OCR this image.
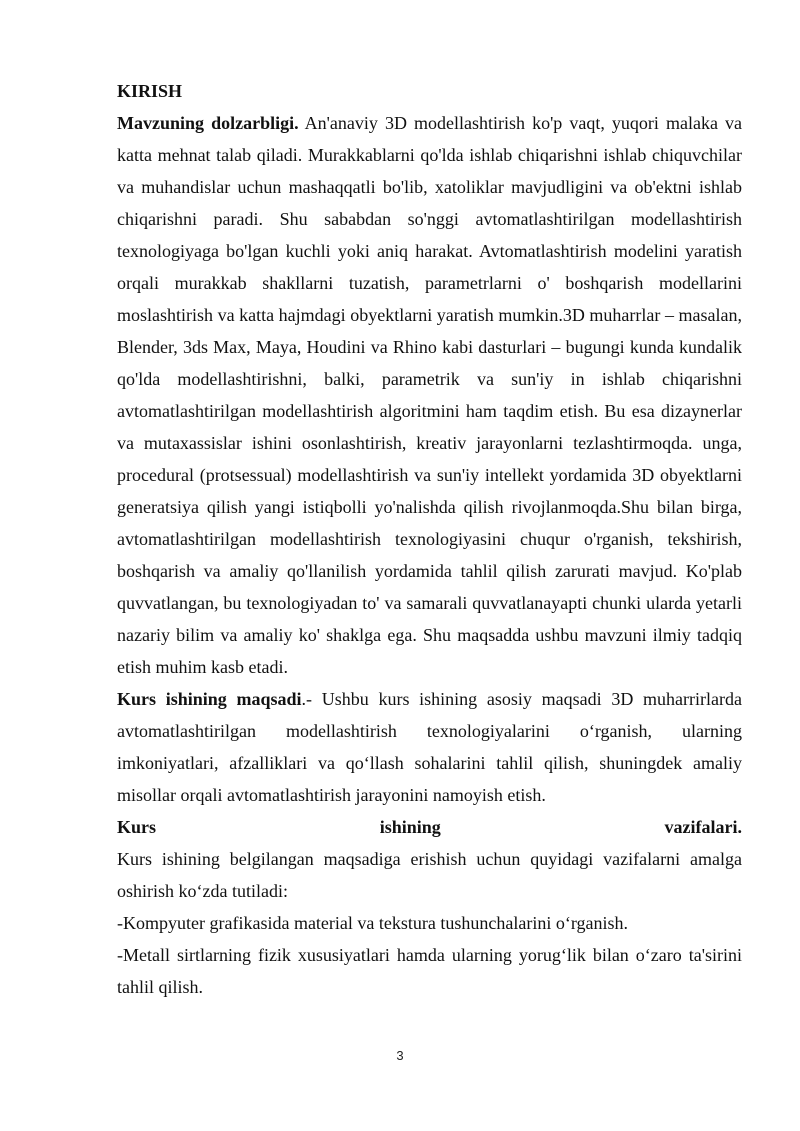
KIRISH

Mavzuning dolzarbligi. An'anaviy 3D modellashtirish ko'p vaqt, yuqori malaka va katta mehnat talab qiladi. Murakkablarni qo'lda ishlab chiqarishni ishlab chiquvchilar va muhandislar uchun mashaqqatli bo'lib, xatoliklar mavjudligini va ob'ektni ishlab chiqarishni paradi. Shu sababdan so'nggi avtomatlashtirilgan modellashtirish texnologiyaga bo'lgan kuchli yoki aniq harakat. Avtomatlashtirish modelini yaratish orqali murakkab shakllarni tuzatish, parametrlarni o' boshqarish modellarini moslashtirish va katta hajmdagi obyektlarni yaratish mumkin.3D muharrlar – masalan, Blender, 3ds Max, Maya, Houdini va Rhino kabi dasturlari – bugungi kunda kundalik qo'lda modellashtirishni, balki, parametrik va sun'iy in ishlab chiqarishni avtomatlashtirilgan modellashtirish algoritmini ham taqdim etish. Bu esa dizaynerlar va mutaxassislar ishini osonlashtirish, kreativ jarayonlarni tezlashtirmoqda. unga, procedural (protsessual) modellashtirish va sun'iy intellekt yordamida 3D obyektlarni generatsiya qilish yangi istiqbolli yo'nalishda qilish rivojlanmoqda.Shu bilan birga, avtomatlashtirilgan modellashtirish texnologiyasini chuqur o'rganish, tekshirish, boshqarish va amaliy qo'llanilish yordamida tahlil qilish zarurati mavjud. Ko'plab quvvatlangan, bu texnologiyadan to' va samarali quvvatlanayapti chunki ularda yetarli nazariy bilim va amaliy ko' shaklga ega. Shu maqsadda ushbu mavzuni ilmiy tadqiq etish muhim kasb etadi.

Kurs ishining maqsadi.- Ushbu kurs ishining asosiy maqsadi 3D muharrirlarda avtomatlashtirilgan modellashtirish texnologiyalarini o‘rganish, ularning imkoniyatlari, afzalliklari va qo‘llash sohalarini tahlil qilish, shuningdek amaliy misollar orqali avtomatlashtirish jarayonini namoyish etish.

Kurs ishining vazifalari.

Kurs ishining belgilangan maqsadiga erishish uchun quyidagi vazifalarni amalga oshirish ko‘zda tutiladi:

-Kompyuter grafikasida material va tekstura tushunchalarini o‘rganish.

-Metall sirtlarning fizik xususiyatlari hamda ularning yorug‘lik bilan o‘zaro ta'sirini tahlil qilish.

3
